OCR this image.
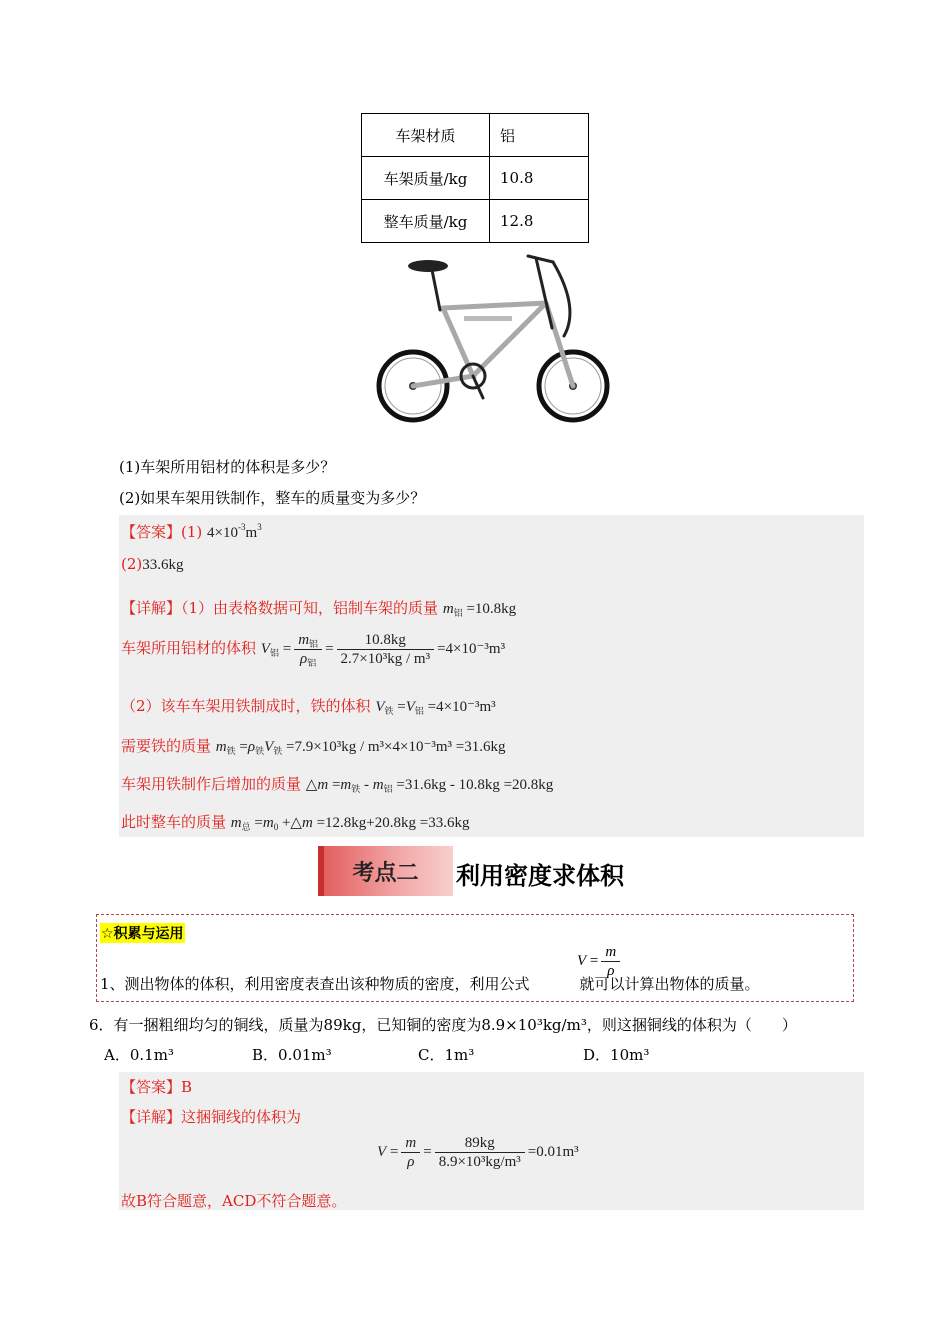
车架材质	铝
车架质量/kg	10.8
整车质量/kg	12.8
(1)车架所用铝材的体积是多少？
(2)如果车架用铁制作，整车的质量变为多少？
【答案】(1) $4\times 10^{-3}m^3$
(2)33.6kg
【详解】（1）由表格数据可知，铝制车架的质量 $m_铝 =10.8kg$
车架所用铝材的体积 $V_铝 = \frac{m_铝}{\rho_铝} = \frac{10.8kg}{\text{2.7×10³kg / m³}} =4\times 10^{-3}m^3$
（2）该车车架用铁制成时，铁的体积 $V_铁 =V_铝 =4\times 10^{-3}m^3$
需要铁的质量 $m_铁 =\rho_铁V_铁 =7.9\times 10^3kg / m^3\times 4\times 10^{-3}m^3 =31.6kg$
车架用铁制作后增加的质量 △m $=m_铁 - m_铝 =31.6kg - 10.8kg =20.8kg$
此时整车的质量 $m_总 =m_0$ +△m =12.8kg+20.8kg =33.6kg
考点二	利用密度求体积
☆积累与运用
$V = \frac{m}{\rho}$
1、测出物体的体积，利用密度表查出该种物质的密度，利用公式	就可以计算出物体的质量。
6．有一捆粗细均匀的铜线，质量为89kg，已知铜的密度为8.9×10³kg/m³，则这捆铜线的体积为（　　）
A．0.1m³	B．0.01m³	C．1m³	D．10m³
【答案】B
【详解】这捆铜线的体积为
$V = \frac{m}{\rho} = \frac{89kg}{\text{8.9×10³kg/m³}} =0.01m^3$
故B符合题意，ACD不符合题意。
